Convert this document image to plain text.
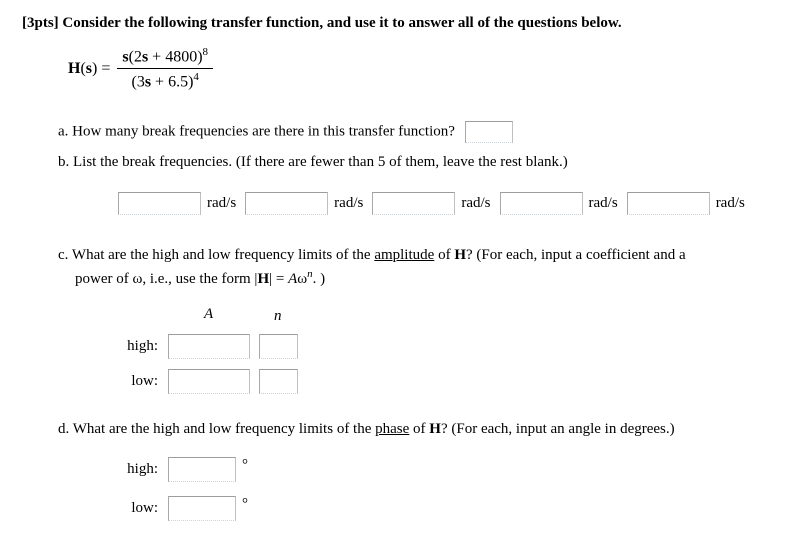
[3pts] Consider the following transfer function, and use it to answer all of the questions below.
$H(s) = \frac{s(2s + 4800)^8}{(3s + 6.5)^4}$
a. How many break frequencies are there in this transfer function?
b. List the break frequencies. (If there are fewer than 5 of them, leave the rest blank.)
rad/s	rad/s	rad/s	rad/s	rad/s
c. What are the high and low frequency limits of the amplitude of H? (For each, input a coefficient and a
power of ω, i.e., use the form $|H| = A\omega^n$. )
A	n
high:
low:
d. What are the high and low frequency limits of the phase of H? (For each, input an angle in degrees.)
high:	°
low:	°
